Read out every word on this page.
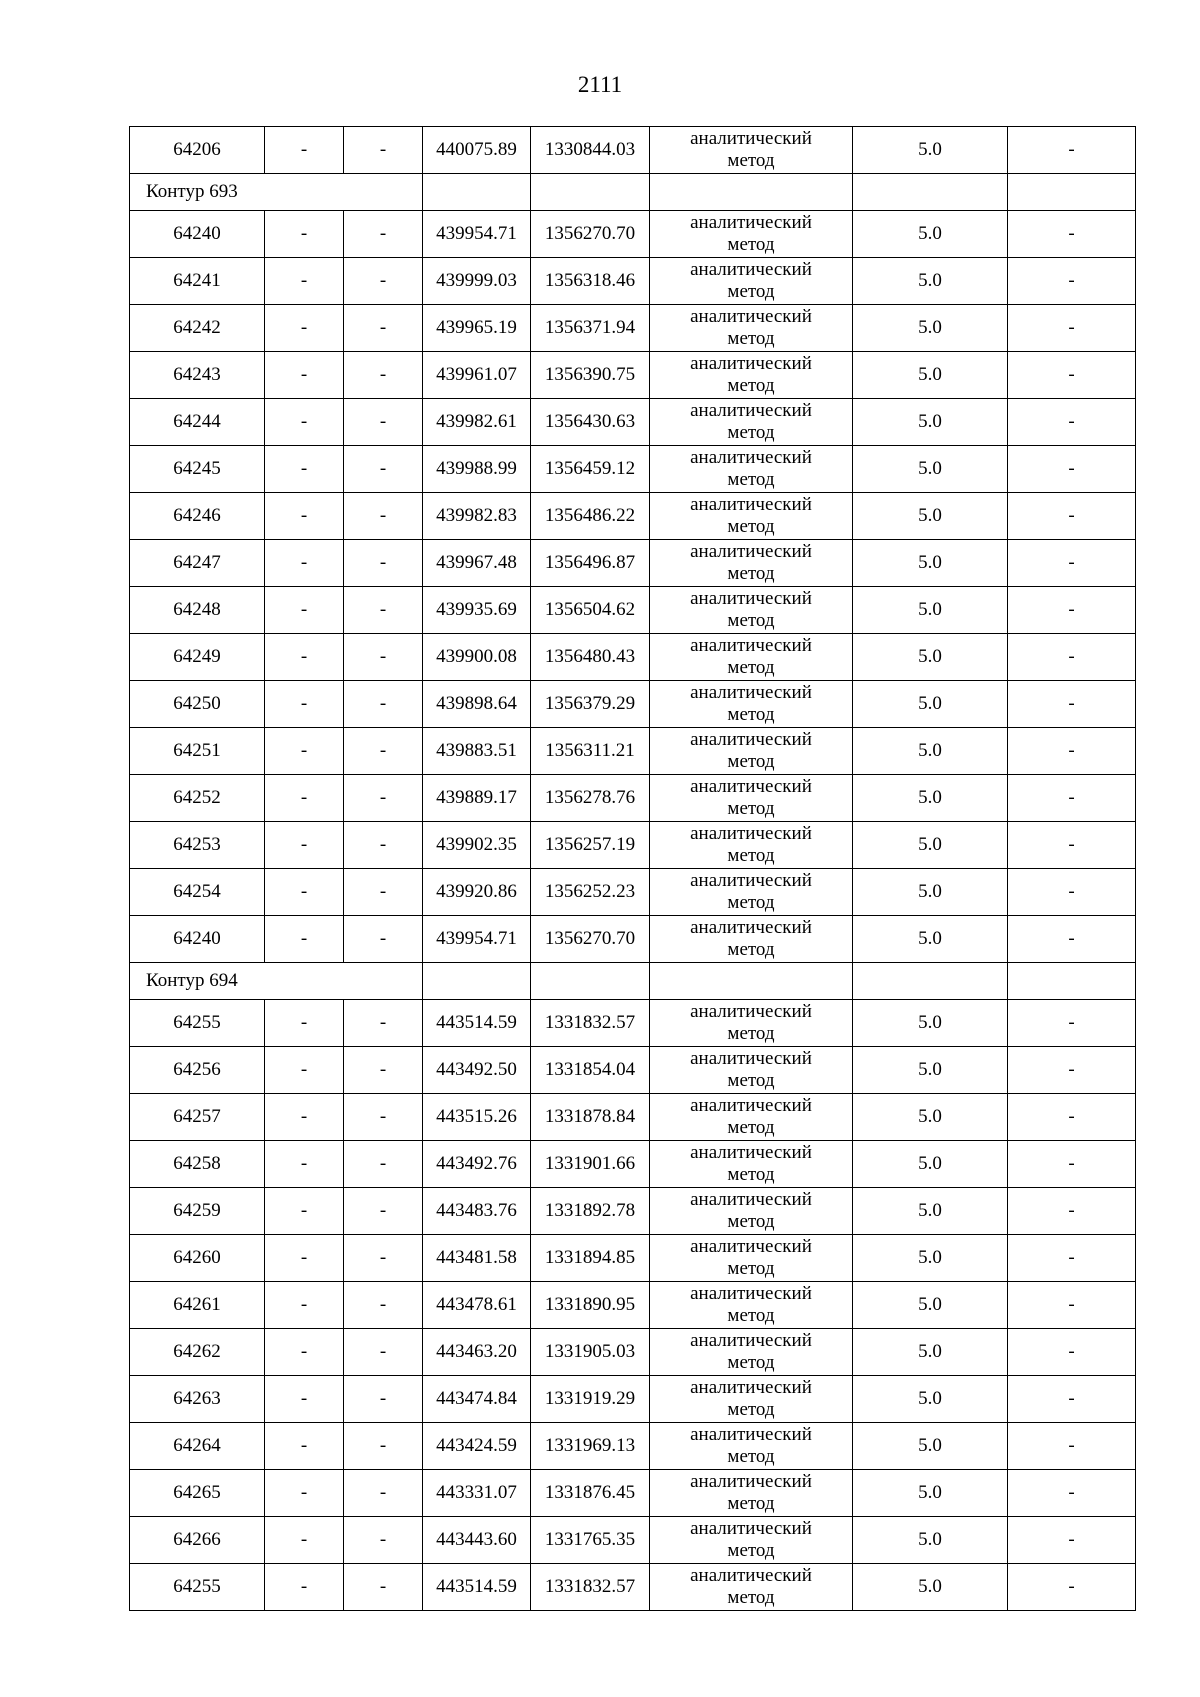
2111
64206	-	-	440075.89	1330844.03	аналитический
метод	5.0	-
Контур 693							
64240	-	-	439954.71	1356270.70	аналитический
метод	5.0	-
64241	-	-	439999.03	1356318.46	аналитический
метод	5.0	-
64242	-	-	439965.19	1356371.94	аналитический
метод	5.0	-
64243	-	-	439961.07	1356390.75	аналитический
метод	5.0	-
64244	-	-	439982.61	1356430.63	аналитический
метод	5.0	-
64245	-	-	439988.99	1356459.12	аналитический
метод	5.0	-
64246	-	-	439982.83	1356486.22	аналитический
метод	5.0	-
64247	-	-	439967.48	1356496.87	аналитический
метод	5.0	-
64248	-	-	439935.69	1356504.62	аналитический
метод	5.0	-
64249	-	-	439900.08	1356480.43	аналитический
метод	5.0	-
64250	-	-	439898.64	1356379.29	аналитический
метод	5.0	-
64251	-	-	439883.51	1356311.21	аналитический
метод	5.0	-
64252	-	-	439889.17	1356278.76	аналитический
метод	5.0	-
64253	-	-	439902.35	1356257.19	аналитический
метод	5.0	-
64254	-	-	439920.86	1356252.23	аналитический
метод	5.0	-
64240	-	-	439954.71	1356270.70	аналитический
метод	5.0	-
Контур 694							
64255	-	-	443514.59	1331832.57	аналитический
метод	5.0	-
64256	-	-	443492.50	1331854.04	аналитический
метод	5.0	-
64257	-	-	443515.26	1331878.84	аналитический
метод	5.0	-
64258	-	-	443492.76	1331901.66	аналитический
метод	5.0	-
64259	-	-	443483.76	1331892.78	аналитический
метод	5.0	-
64260	-	-	443481.58	1331894.85	аналитический
метод	5.0	-
64261	-	-	443478.61	1331890.95	аналитический
метод	5.0	-
64262	-	-	443463.20	1331905.03	аналитический
метод	5.0	-
64263	-	-	443474.84	1331919.29	аналитический
метод	5.0	-
64264	-	-	443424.59	1331969.13	аналитический
метод	5.0	-
64265	-	-	443331.07	1331876.45	аналитический
метод	5.0	-
64266	-	-	443443.60	1331765.35	аналитический
метод	5.0	-
64255	-	-	443514.59	1331832.57	аналитический
метод	5.0	-
